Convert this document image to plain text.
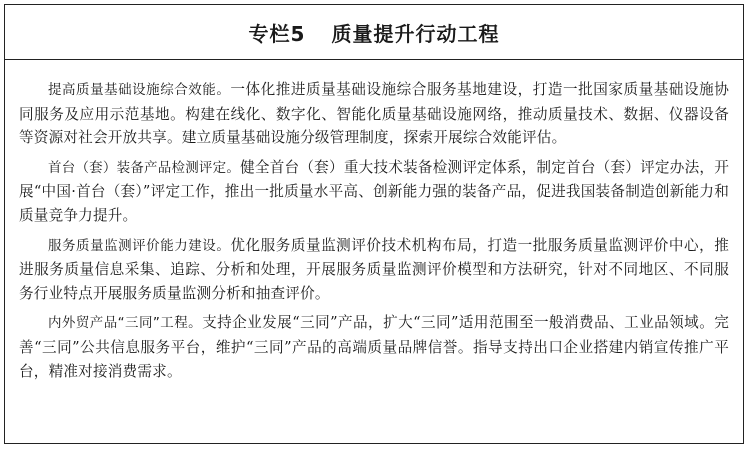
专栏5 质量提升行动工程

提高质量基础设施综合效能。一体化推进质量基础设施综合服务基地建设，打造一批国家质量基础设施协同服务及应用示范基地。构建在线化、数字化、智能化质量基础设施网络，推动质量技术、数据、仪器设备等资源对社会开放共享。建立质量基础设施分级管理制度，探索开展综合效能评估。

首台（套）装备产品检测评定。健全首台（套）重大技术装备检测评定体系，制定首台（套）评定办法，开展“中国·首台（套）”评定工作，推出一批质量水平高、创新能力强的装备产品，促进我国装备制造创新能力和质量竞争力提升。

服务质量监测评价能力建设。优化服务质量监测评价技术机构布局，打造一批服务质量监测评价中心，推进服务质量信息采集、追踪、分析和处理，开展服务质量监测评价模型和方法研究，针对不同地区、不同服务行业特点开展服务质量监测分析和抽查评价。

内外贸产品“三同”工程。支持企业发展“三同”产品，扩大“三同”适用范围至一般消费品、工业品领域。完善“三同”公共信息服务平台，维护“三同”产品的高端质量品牌信誉。指导支持出口企业搭建内销宣传推广平台，精准对接消费需求。
